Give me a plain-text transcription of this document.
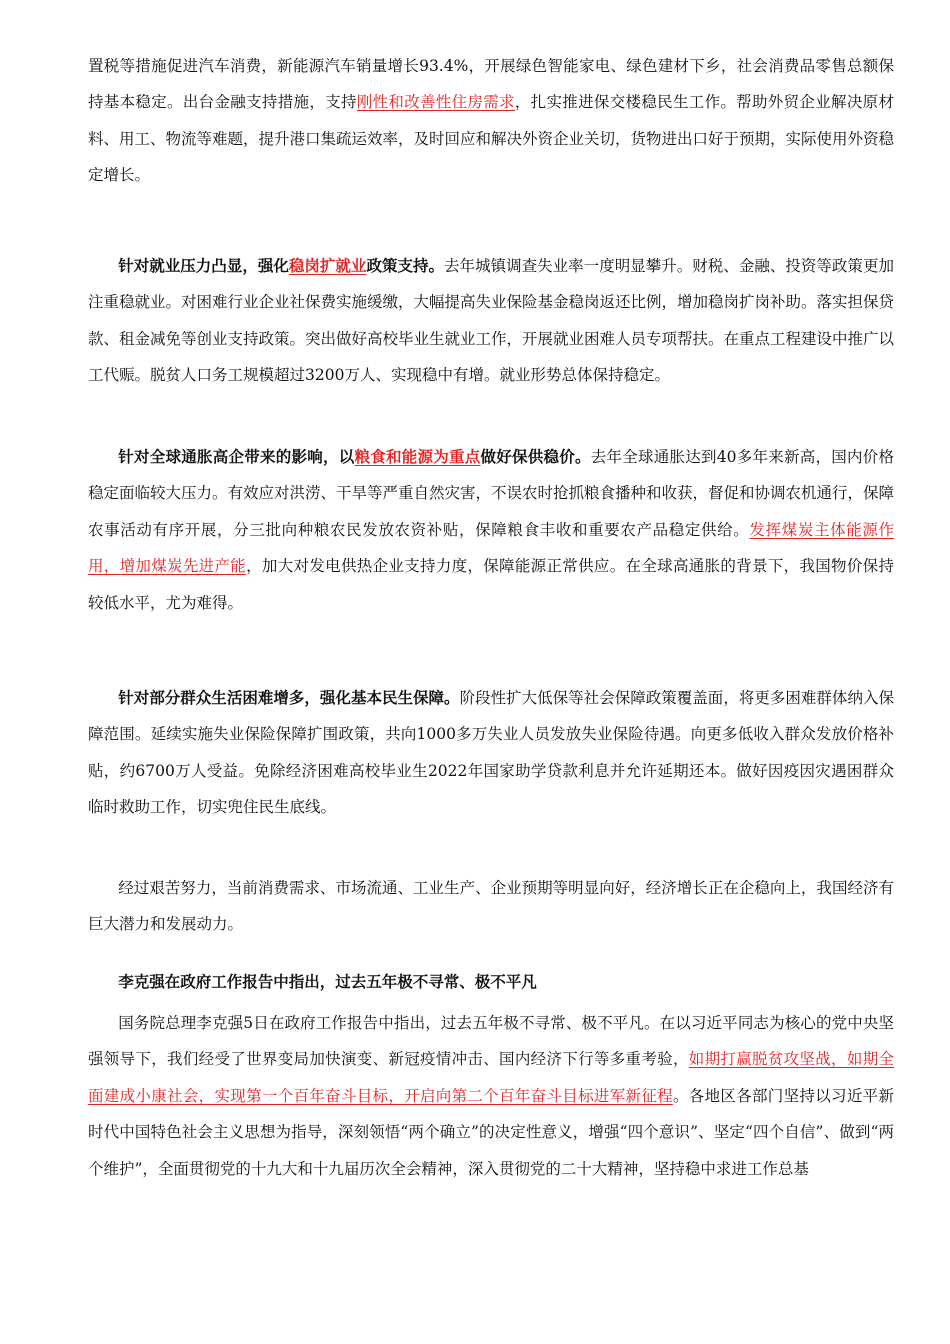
置税等措施促进汽车消费，新能源汽车销量增长93.4%，开展绿色智能家电、绿色建材下乡，社会消费品零售总额保持基本稳定。出台金融支持措施，支持刚性和改善性住房需求，扎实推进保交楼稳民生工作。帮助外贸企业解决原材料、用工、物流等难题，提升港口集疏运效率，及时回应和解决外资企业关切，货物进出口好于预期，实际使用外资稳定增长。

针对就业压力凸显，强化稳岗扩就业政策支持。去年城镇调查失业率一度明显攀升。财税、金融、投资等政策更加注重稳就业。对困难行业企业社保费实施缓缴，大幅提高失业保险基金稳岗返还比例，增加稳岗扩岗补助。落实担保贷款、租金减免等创业支持政策。突出做好高校毕业生就业工作，开展就业困难人员专项帮扶。在重点工程建设中推广以工代赈。脱贫人口务工规模超过3200万人、实现稳中有增。就业形势总体保持稳定。

针对全球通胀高企带来的影响，以粮食和能源为重点做好保供稳价。去年全球通胀达到40多年来新高，国内价格稳定面临较大压力。有效应对洪涝、干旱等严重自然灾害，不误农时抢抓粮食播种和收获，督促和协调农机通行，保障农事活动有序开展，分三批向种粮农民发放农资补贴，保障粮食丰收和重要农产品稳定供给。发挥煤炭主体能源作用，增加煤炭先进产能，加大对发电供热企业支持力度，保障能源正常供应。在全球高通胀的背景下，我国物价保持较低水平，尤为难得。

针对部分群众生活困难增多，强化基本民生保障。阶段性扩大低保等社会保障政策覆盖面，将更多困难群体纳入保障范围。延续实施失业保险保障扩围政策，共向1000多万失业人员发放失业保险待遇。向更多低收入群众发放价格补贴，约6700万人受益。免除经济困难高校毕业生2022年国家助学贷款利息并允许延期还本。做好因疫因灾遇困群众临时救助工作，切实兜住民生底线。

经过艰苦努力，当前消费需求、市场流通、工业生产、企业预期等明显向好，经济增长正在企稳向上，我国经济有巨大潜力和发展动力。

李克强在政府工作报告中指出，过去五年极不寻常、极不平凡

国务院总理李克强5日在政府工作报告中指出，过去五年极不寻常、极不平凡。在以习近平同志为核心的党中央坚强领导下，我们经受了世界变局加快演变、新冠疫情冲击、国内经济下行等多重考验，如期打赢脱贫攻坚战，如期全面建成小康社会，实现第一个百年奋斗目标，开启向第二个百年奋斗目标进军新征程。各地区各部门坚持以习近平新时代中国特色社会主义思想为指导，深刻领悟“两个确立”的决定性意义，增强“四个意识”、坚定“四个自信”、做到“两个维护”，全面贯彻党的十九大和十九届历次全会精神，深入贯彻党的二十大精神，坚持稳中求进工作总基
